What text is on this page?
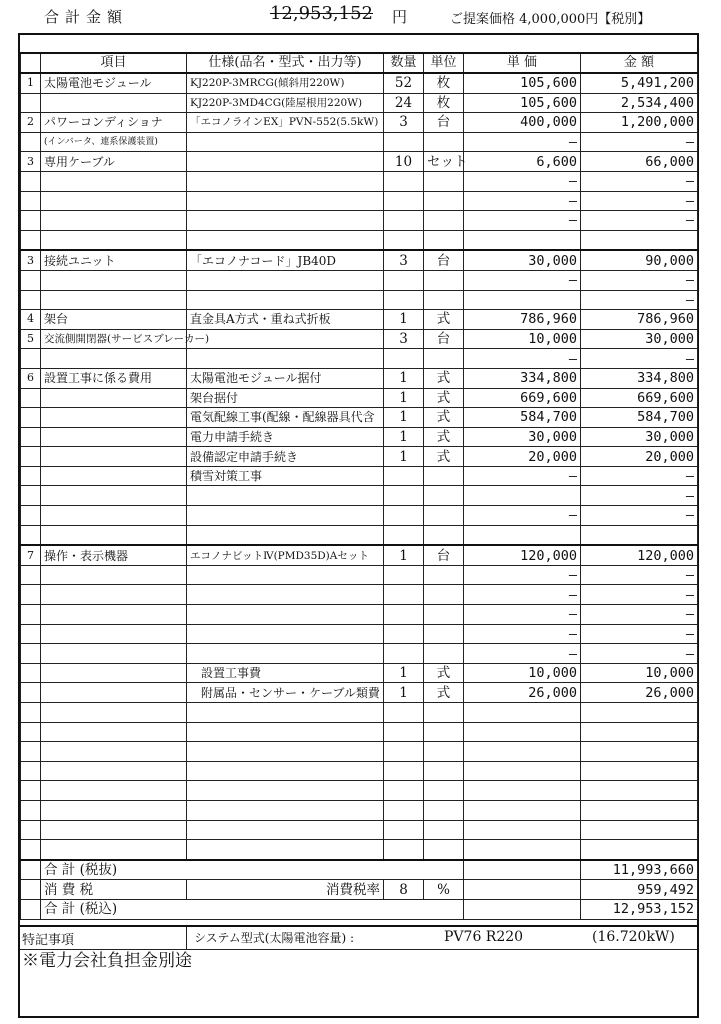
合計金額	12,953,152 円	ご提案価格 4,000,000円【税別】
	項目	仕様(品名・型式・出力等)	数量	単位	単 価	金 額
1	太陽電池モジュール	KJ220P-3MRCG(傾斜用220W)	52	枚	105,600	5,491,200
		KJ220P-3MD4CG(陸屋根用220W)	24	枚	105,600	2,534,400
2	パワーコンディショナ	「エコノラインEX」PVN-552(5.5kW)	3	台	400,000	1,200,000
	(インバータ、連系保護装置)				–	–
3	専用ケーブル		10	セット	6,600	66,000
					–	–
					–	–
					–	–

3	接続ユニット	「エコノナコード」JB40D	3	台	30,000	90,000
					–	–
						–
4	架台	直金具A方式・重ね式折板	1	式	786,960	786,960
5	交流側開閉器(サービスブレーカー)		3	台	10,000	30,000
					–	–
6	設置工事に係る費用	太陽電池モジュール据付	1	式	334,800	334,800
		架台据付	1	式	669,600	669,600
		電気配線工事(配線・配線器具代含	1	式	584,700	584,700
		電力申請手続き	1	式	30,000	30,000
		設備認定申請手続き	1	式	20,000	20,000
		積雪対策工事			–	–
						–
					–	–

7	操作・表示機器	エコノナビットⅣ(PMD35D)Aセット	1	台	120,000	120,000
					–	–
					–	–
					–	–
					–	–
					–	–
		設置工事費	1	式	10,000	10,000
		附属品・センサー・ケーブル類費	1	式	26,000	26,000

	合 計 (税抜)					11,993,660
	消 費 税	消費税率	8	%		959,492
	合 計 (税込)					12,953,152
特記事項	システム型式(太陽電池容量) :	PV76 R220	(16.720kW)
※電力会社負担金別途
